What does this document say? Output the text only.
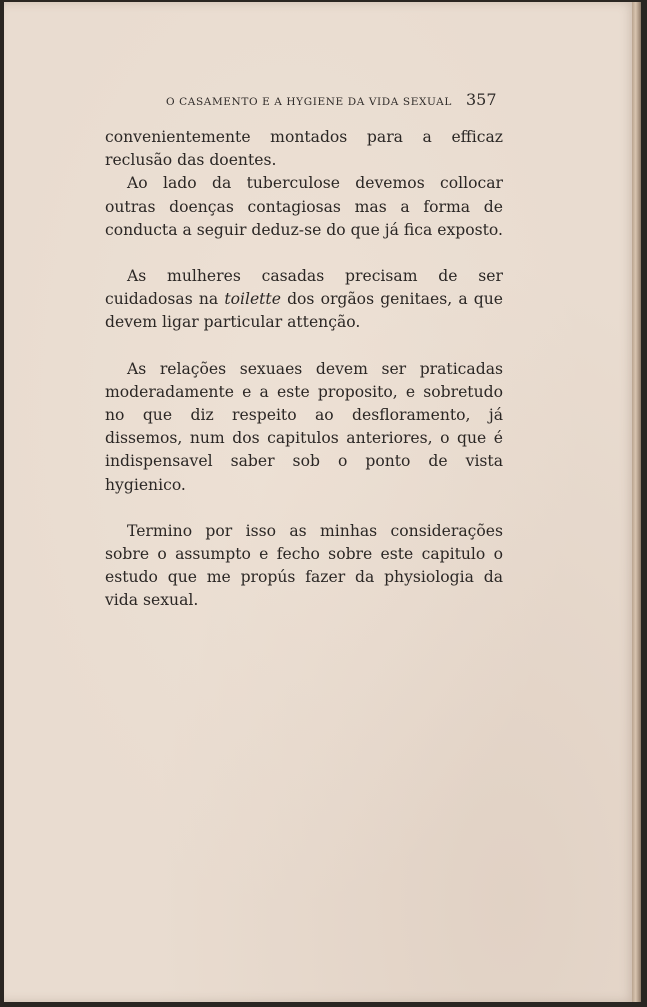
O CASAMENTO E A HYGIENE DA VIDA SEXUAL 357

convenientemente montados para a efficaz reclusão das doentes.

Ao lado da tuberculose devemos collocar outras doenças contagiosas mas a forma de conducta a seguir deduz-se do que já fica exposto.

As mulheres casadas precisam de ser cuidadosas na toilette dos orgãos genitaes, a que devem ligar particular attenção.

As relações sexuaes devem ser praticadas moderadamente e a este proposito, e sobretudo no que diz respeito ao desfloramento, já dissemos, num dos capitulos anteriores, o que é indispensavel saber sob o ponto de vista hygienico.

Termino por isso as minhas considerações sobre o assumpto e fecho sobre este capitulo o estudo que me propús fazer da physiologia da vida sexual.
